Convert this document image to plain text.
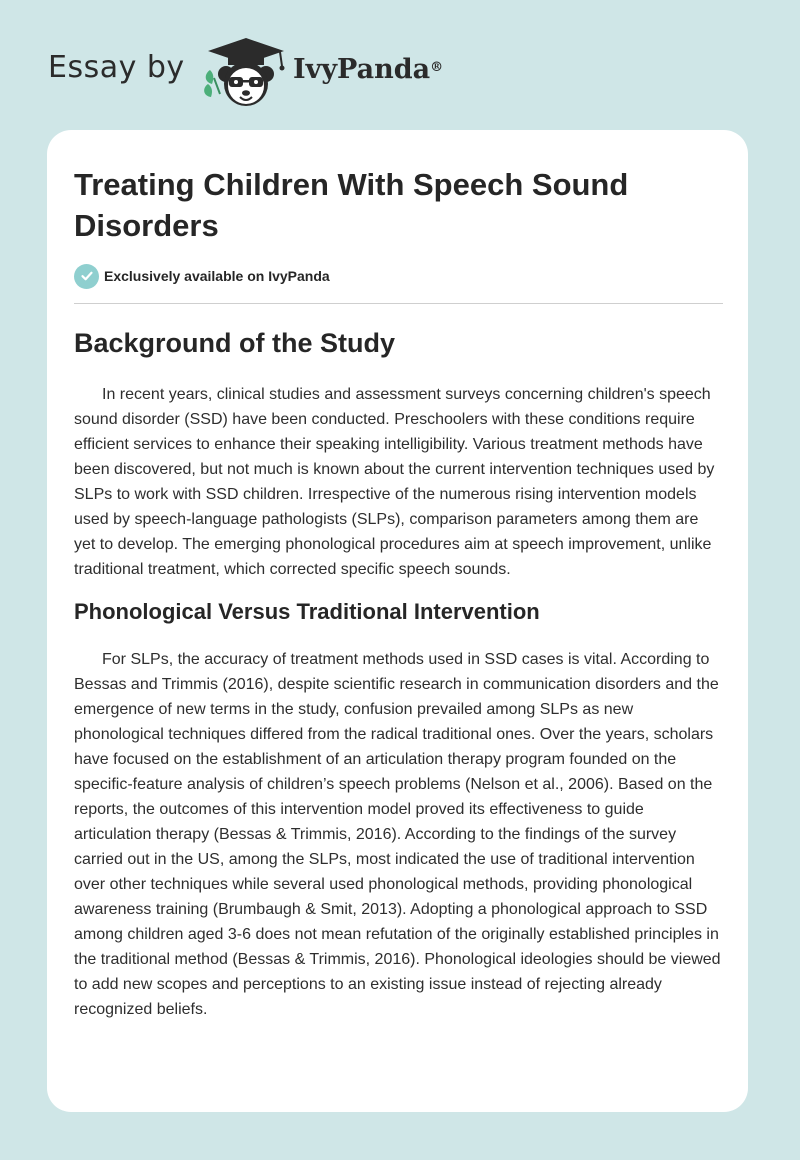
Essay by	IvyPanda®
Treating Children With Speech Sound Disorders
Exclusively available on IvyPanda
Background of the Study

In recent years, clinical studies and assessment surveys concerning children's speech sound disorder (SSD) have been conducted. Preschoolers with these conditions require efficient services to enhance their speaking intelligibility. Various treatment methods have been discovered, but not much is known about the current intervention techniques used by SLPs to work with SSD children. Irrespective of the numerous rising intervention models used by speech-language pathologists (SLPs), comparison parameters among them are yet to develop. The emerging phonological procedures aim at speech improvement, unlike traditional treatment, which corrected specific speech sounds.

Phonological Versus Traditional Intervention

For SLPs, the accuracy of treatment methods used in SSD cases is vital. According to Bessas and Trimmis (2016), despite scientific research in communication disorders and the emergence of new terms in the study, confusion prevailed among SLPs as new phonological techniques differed from the radical traditional ones. Over the years, scholars have focused on the establishment of an articulation therapy program founded on the specific-feature analysis of children’s speech problems (Nelson et al., 2006). Based on the reports, the outcomes of this intervention model proved its effectiveness to guide articulation therapy (Bessas & Trimmis, 2016). According to the findings of the survey carried out in the US, among the SLPs, most indicated the use of traditional intervention over other techniques while several used phonological methods, providing phonological awareness training (Brumbaugh & Smit, 2013). Adopting a phonological approach to SSD among children aged 3-6 does not mean refutation of the originally established principles in the traditional method (Bessas & Trimmis, 2016). Phonological ideologies should be viewed to add new scopes and perceptions to an existing issue instead of rejecting already recognized beliefs.
